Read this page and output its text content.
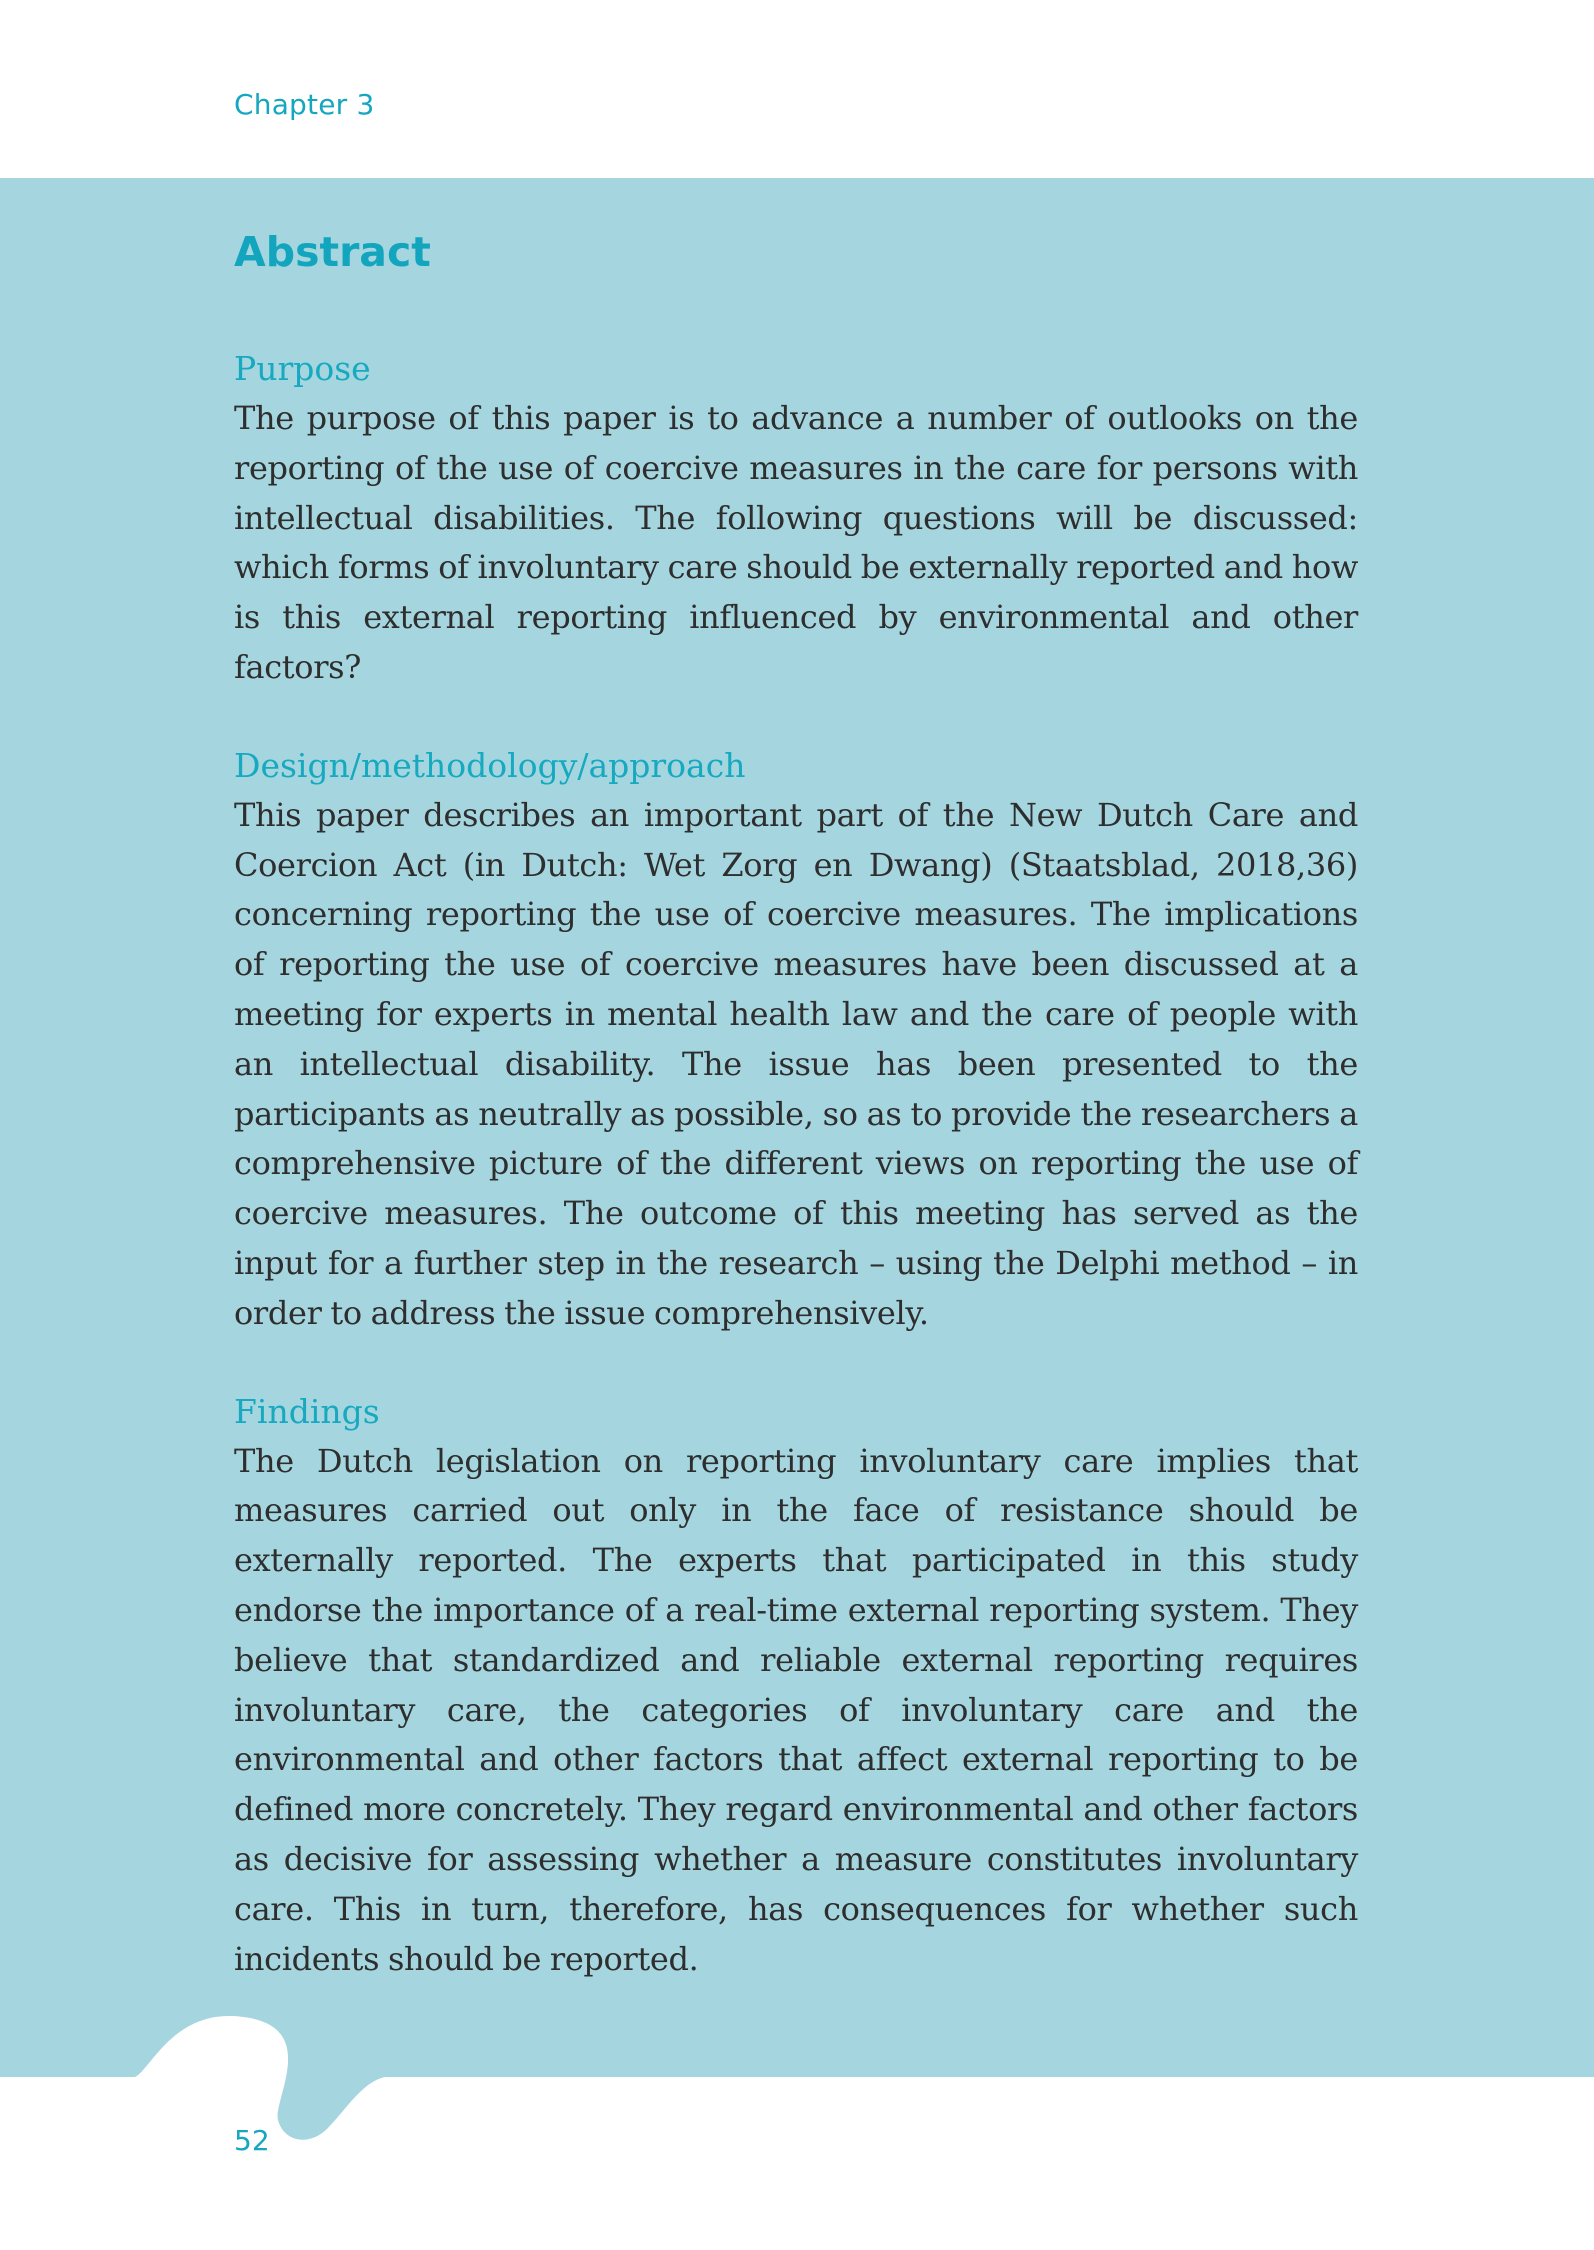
Chapter 3
Abstract
Purpose

The purpose of this paper is to advance a number of outlooks on the reporting of the use of coercive measures in the care for persons with intellectual disabilities. The following questions will be discussed: which forms of involuntary care should be externally reported and how is this external reporting influenced by environmental and other factors?

Design/methodology/approach

This paper describes an important part of the New Dutch Care and Coercion Act (in Dutch: Wet Zorg en Dwang) (Staatsblad, 2018,36) concerning reporting the use of coercive measures. The implications of reporting the use of coercive measures have been discussed at a meeting for experts in mental health law and the care of people with an intellectual disability. The issue has been presented to the participants as neutrally as possible, so as to provide the researchers a comprehensive picture of the different views on reporting the use of coercive measures. The outcome of this meeting has served as the input for a further step in the research – using the Delphi method – in order to address the issue comprehensively.

Findings

The Dutch legislation on reporting involuntary care implies that measures carried out only in the face of resistance should be externally reported. The experts that participated in this study endorse the importance of a real-time external reporting system. They believe that standardized and reliable external reporting requires involuntary care, the categories of involuntary care and the environmental and other factors that affect external reporting to be defined more concretely. They regard environmental and other factors as decisive for assessing whether a measure constitutes involuntary care. This in turn, therefore, has consequences for whether such incidents should be reported.

52
